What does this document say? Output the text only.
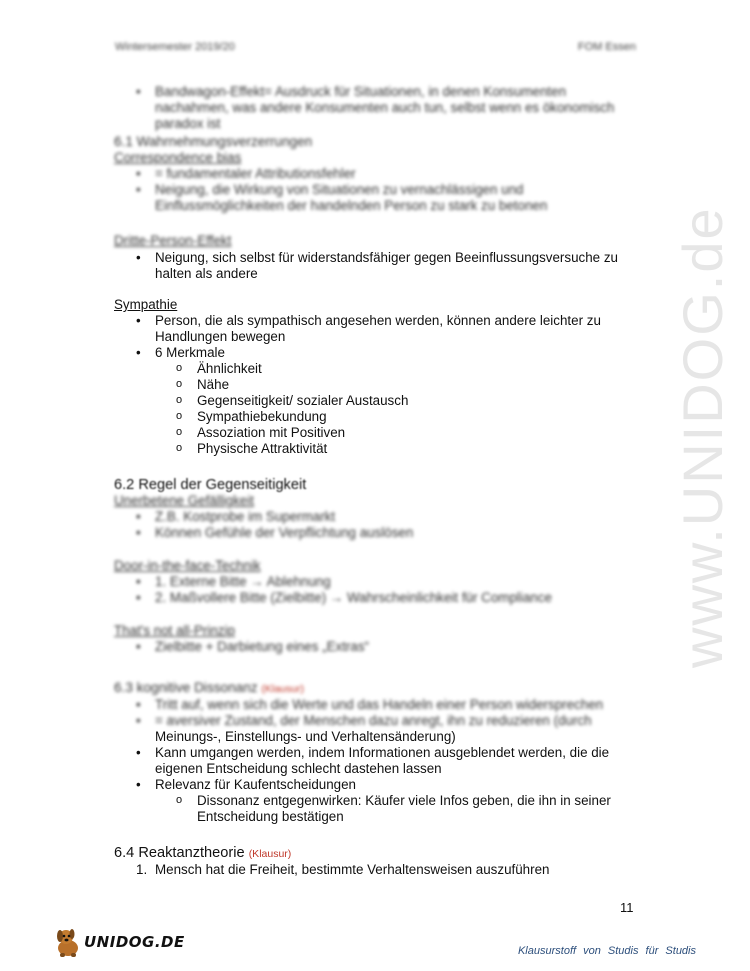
www.UNIDOG.de
Wintersemester 2019/20	FOM Essen
• Bandwagon-Effekt= Ausdruck für Situationen, in denen Konsumenten nachahmen, was andere Konsumenten auch tun, selbst wenn es ökonomisch paradox ist
6.1 Wahrnehmungsverzerrungen
Correspondence bias
• = fundamentaler Attributionsfehler
• Neigung, die Wirkung von Situationen zu vernachlässigen und Einflussmöglichkeiten der handelnden Person zu stark zu betonen
Dritte-Person-Effekt
• Neigung, sich selbst für widerstandsfähiger gegen Beeinflussungsversuche zu halten als andere
Sympathie
• Person, die als sympathisch angesehen werden, können andere leichter zu Handlungen bewegen
• 6 Merkmale
o Ähnlichkeit
o Nähe
o Gegenseitigkeit/ sozialer Austausch
o Sympathiebekundung
o Assoziation mit Positiven
o Physische Attraktivität
6.2 Regel der Gegenseitigkeit
Unerbetene Gefälligkeit
• Z.B. Kostprobe im Supermarkt
• Können Gefühle der Verpflichtung auslösen
Door-in-the-face-Technik
• 1. Externe Bitte → Ablehnung
• 2. Maßvollere Bitte (Zielbitte) → Wahrscheinlichkeit für Compliance
That's not all-Prinzip
• Zielbitte + Darbietung eines „Extras“
6.3 kognitive Dissonanz (Klausur)
• Tritt auf, wenn sich die Werte und das Handeln einer Person widersprechen
• = aversiver Zustand, der Menschen dazu anregt, ihn zu reduzieren (durch
Meinungs-, Einstellungs- und Verhaltensänderung)
• Kann umgangen werden, indem Informationen ausgeblendet werden, die die eigenen Entscheidung schlecht dastehen lassen
• Relevanz für Kaufentscheidungen
o Dissonanz entgegenwirken: Käufer viele Infos geben, die ihn in seiner Entscheidung bestätigen
6.4 Reaktanztheorie (Klausur)
1. Mensch hat die Freiheit, bestimmte Verhaltensweisen auszuführen
11
UNIDOG.DE	Klausurstoff von Studis für Studis
